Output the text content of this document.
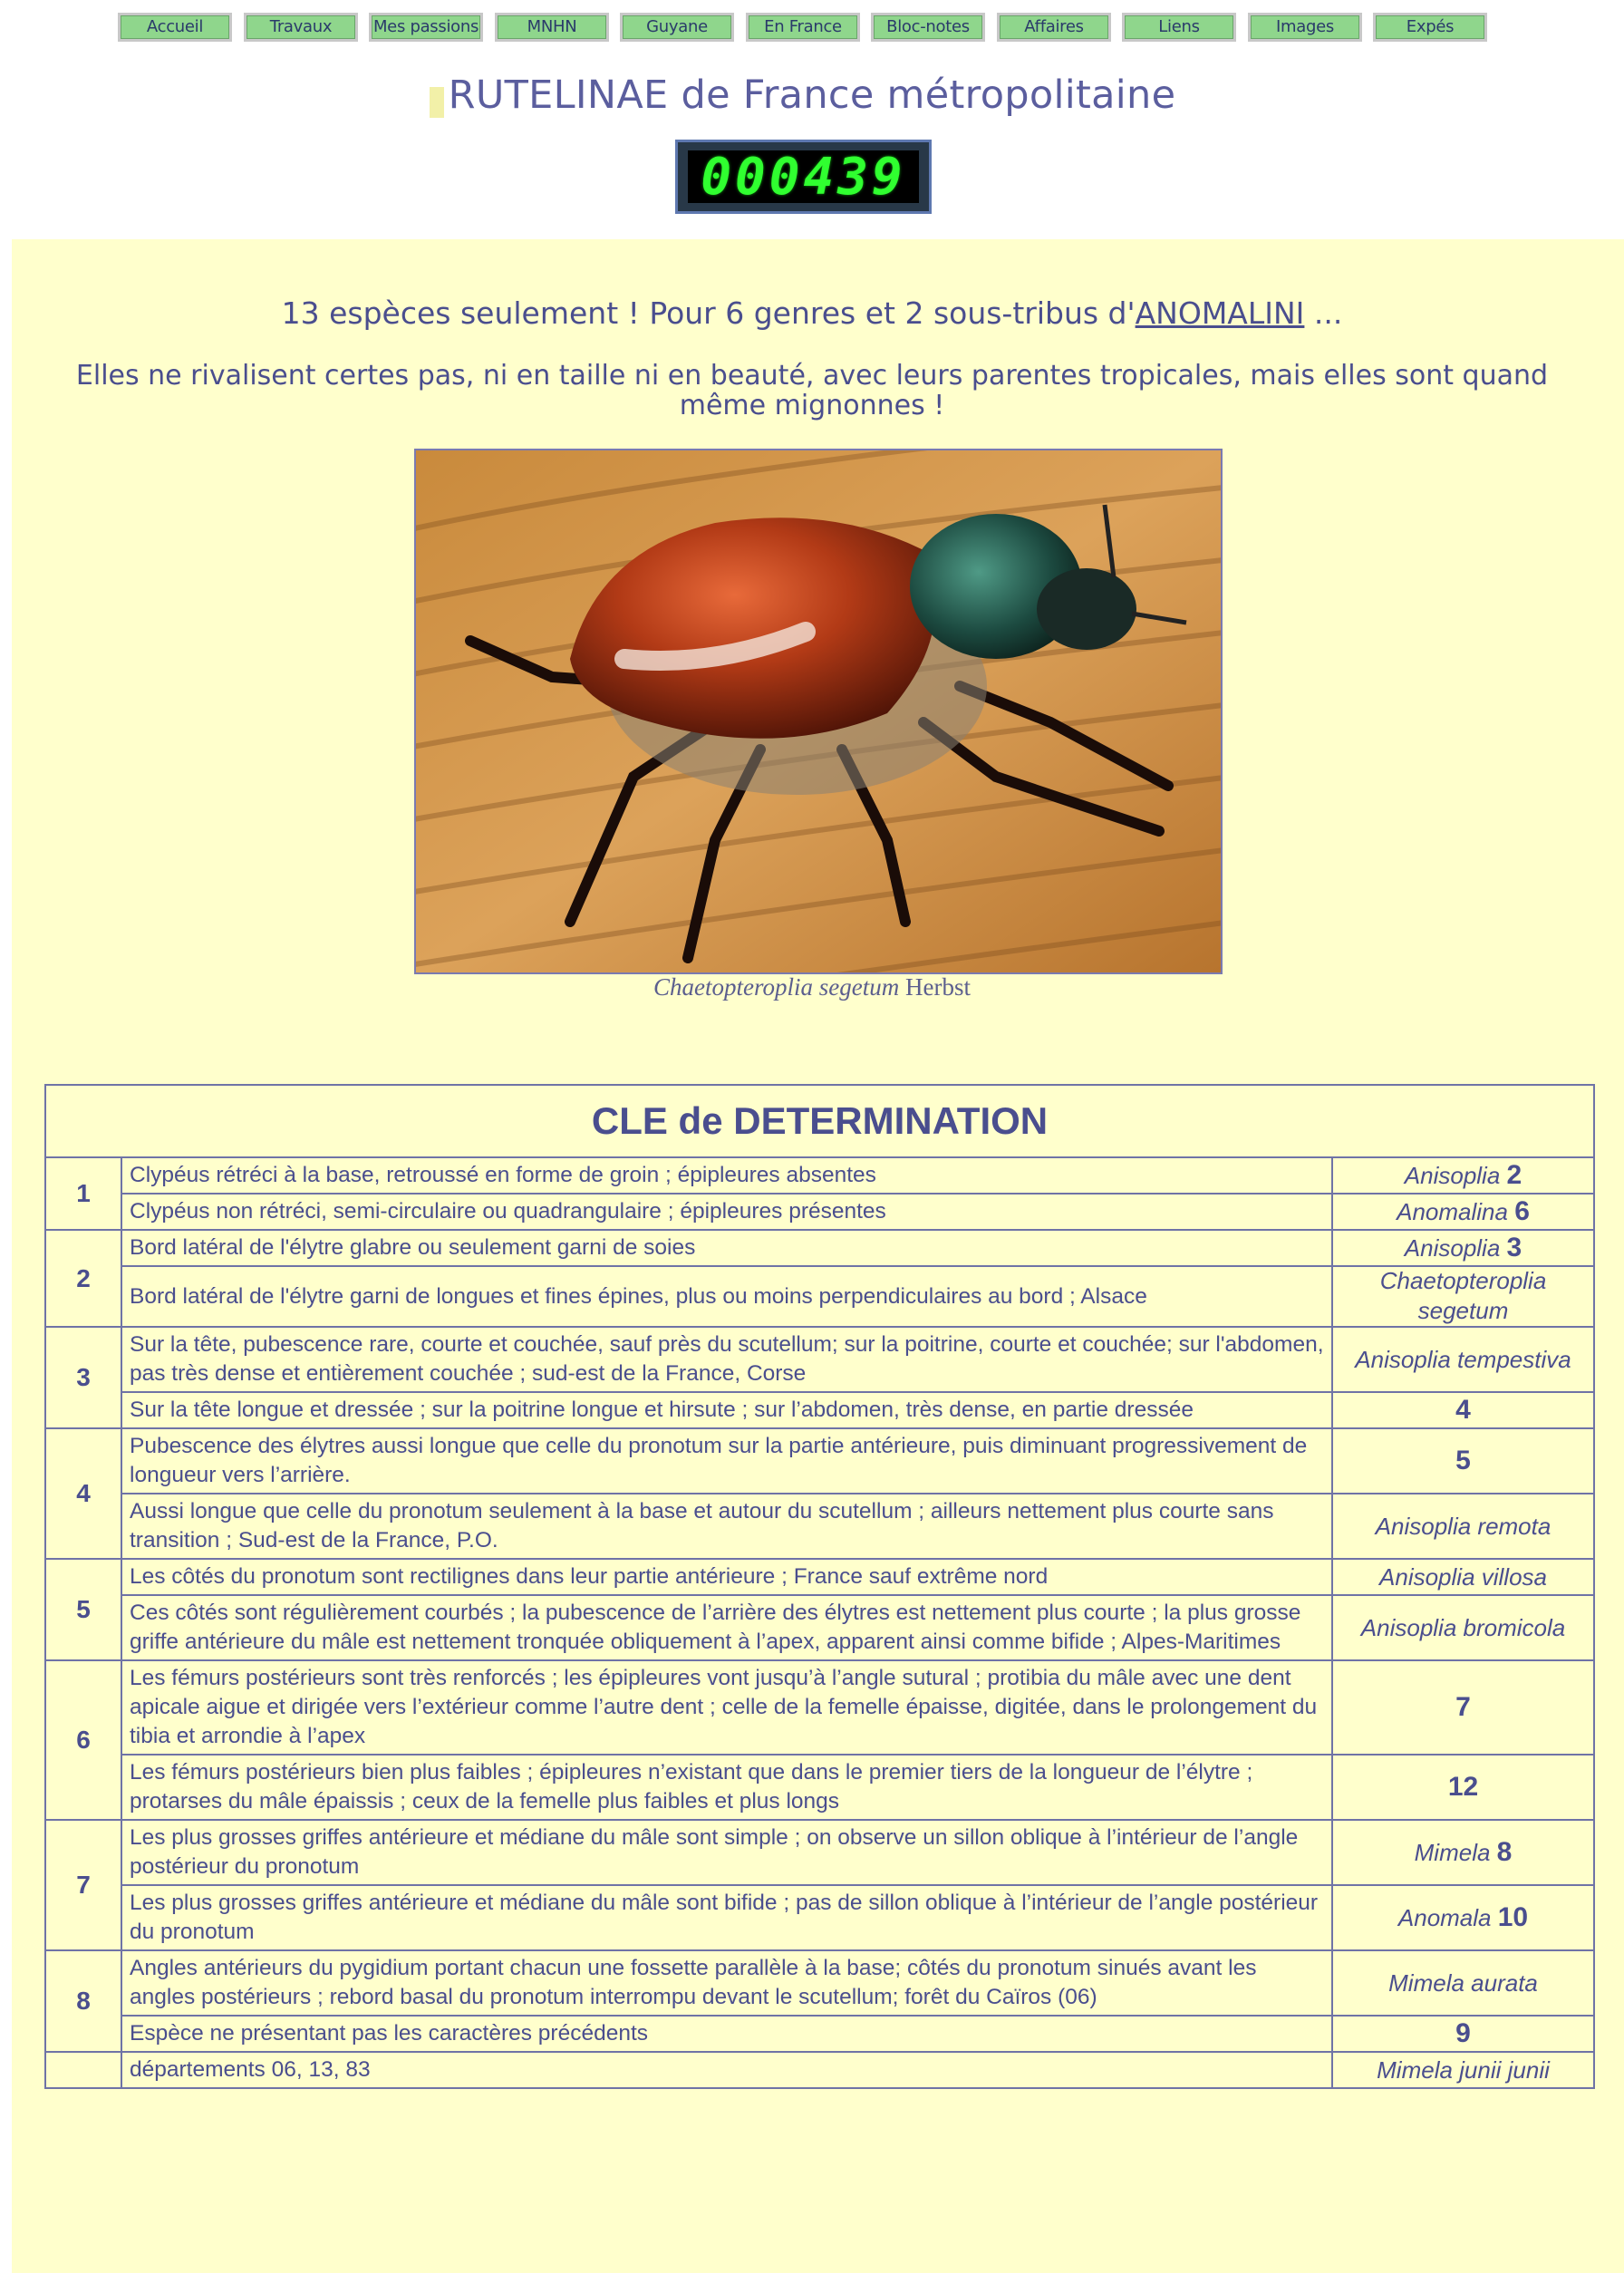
Accueil	Travaux	Mes passions	MNHN	Guyane	En France	Bloc-notes	Affaires	Liens	Images	Expés
RUTELINAE de France métropolitaine
000439
13 espèces seulement ! Pour 6 genres et 2 sous-tribus d'ANOMALINI ...
Elles ne rivalisent certes pas, ni en taille ni en beauté, avec leurs parentes tropicales, mais elles sont quand même mignonnes !
Chaetopteroplia segetum Herbst
CLE de DETERMINATION		
1	Clypéus rétréci à la base, retroussé en forme de groin ; épipleures absentes	Anisoplia 2
	Clypéus non rétréci, semi-circulaire ou quadrangulaire ; épipleures présentes	Anomalina 6
2	Bord latéral de l'élytre glabre ou seulement garni de soies	Anisoplia 3
	Bord latéral de l'élytre garni de longues et fines épines, plus ou moins perpendiculaires au bord ; Alsace	Chaetopteroplia segetum
3	Sur la tête, pubescence rare, courte et couchée, sauf près du scutellum; sur la poitrine, courte et couchée; sur l'abdomen, pas très dense et entièrement couchée ; sud-est de la France, Corse	Anisoplia tempestiva
	Sur la tête longue et dressée ; sur la poitrine longue et hirsute ; sur l’abdomen, très dense, en partie dressée	4
4	Pubescence des élytres aussi longue que celle du pronotum sur la partie antérieure, puis diminuant progressivement de longueur vers l’arrière.	5
	Aussi longue que celle du pronotum seulement à la base et autour du scutellum ; ailleurs nettement plus courte sans transition ; Sud-est de la France, P.O.	Anisoplia remota
5	Les côtés du pronotum sont rectilignes dans leur partie antérieure ; France sauf extrême nord	Anisoplia villosa
	Ces côtés sont régulièrement courbés ; la pubescence de l’arrière des élytres est nettement plus courte ; la plus grosse griffe antérieure du mâle est nettement tronquée obliquement à l’apex, apparent ainsi comme bifide ; Alpes-Maritimes	Anisoplia bromicola
6	Les fémurs postérieurs sont très renforcés ; les épipleures vont jusqu’à l’angle sutural ; protibia du mâle avec une dent apicale aigue et dirigée vers l’extérieur comme l’autre dent ; celle de la femelle épaisse, digitée, dans le prolongement du tibia et arrondie à l’apex	7
	Les fémurs postérieurs bien plus faibles ; épipleures n’existant que dans le premier tiers de la longueur de l’élytre ; protarses du mâle épaissis ; ceux de la femelle plus faibles et plus longs	12
7	Les plus grosses griffes antérieure et médiane du mâle sont simple ; on observe un sillon oblique à l’intérieur de l’angle postérieur du pronotum	Mimela 8
	Les plus grosses griffes antérieure et médiane du mâle sont bifide ; pas de sillon oblique à l’intérieur de l’angle postérieur du pronotum	Anomala 10
8	Angles antérieurs du pygidium portant chacun une fossette parallèle à la base; côtés du pronotum sinués avant les angles postérieurs ; rebord basal du pronotum interrompu devant le scutellum; forêt du Caïros (06)	Mimela aurata
	Espèce ne présentant pas les caractères précédents	9
	départements 06, 13, 83	Mimela junii junii
